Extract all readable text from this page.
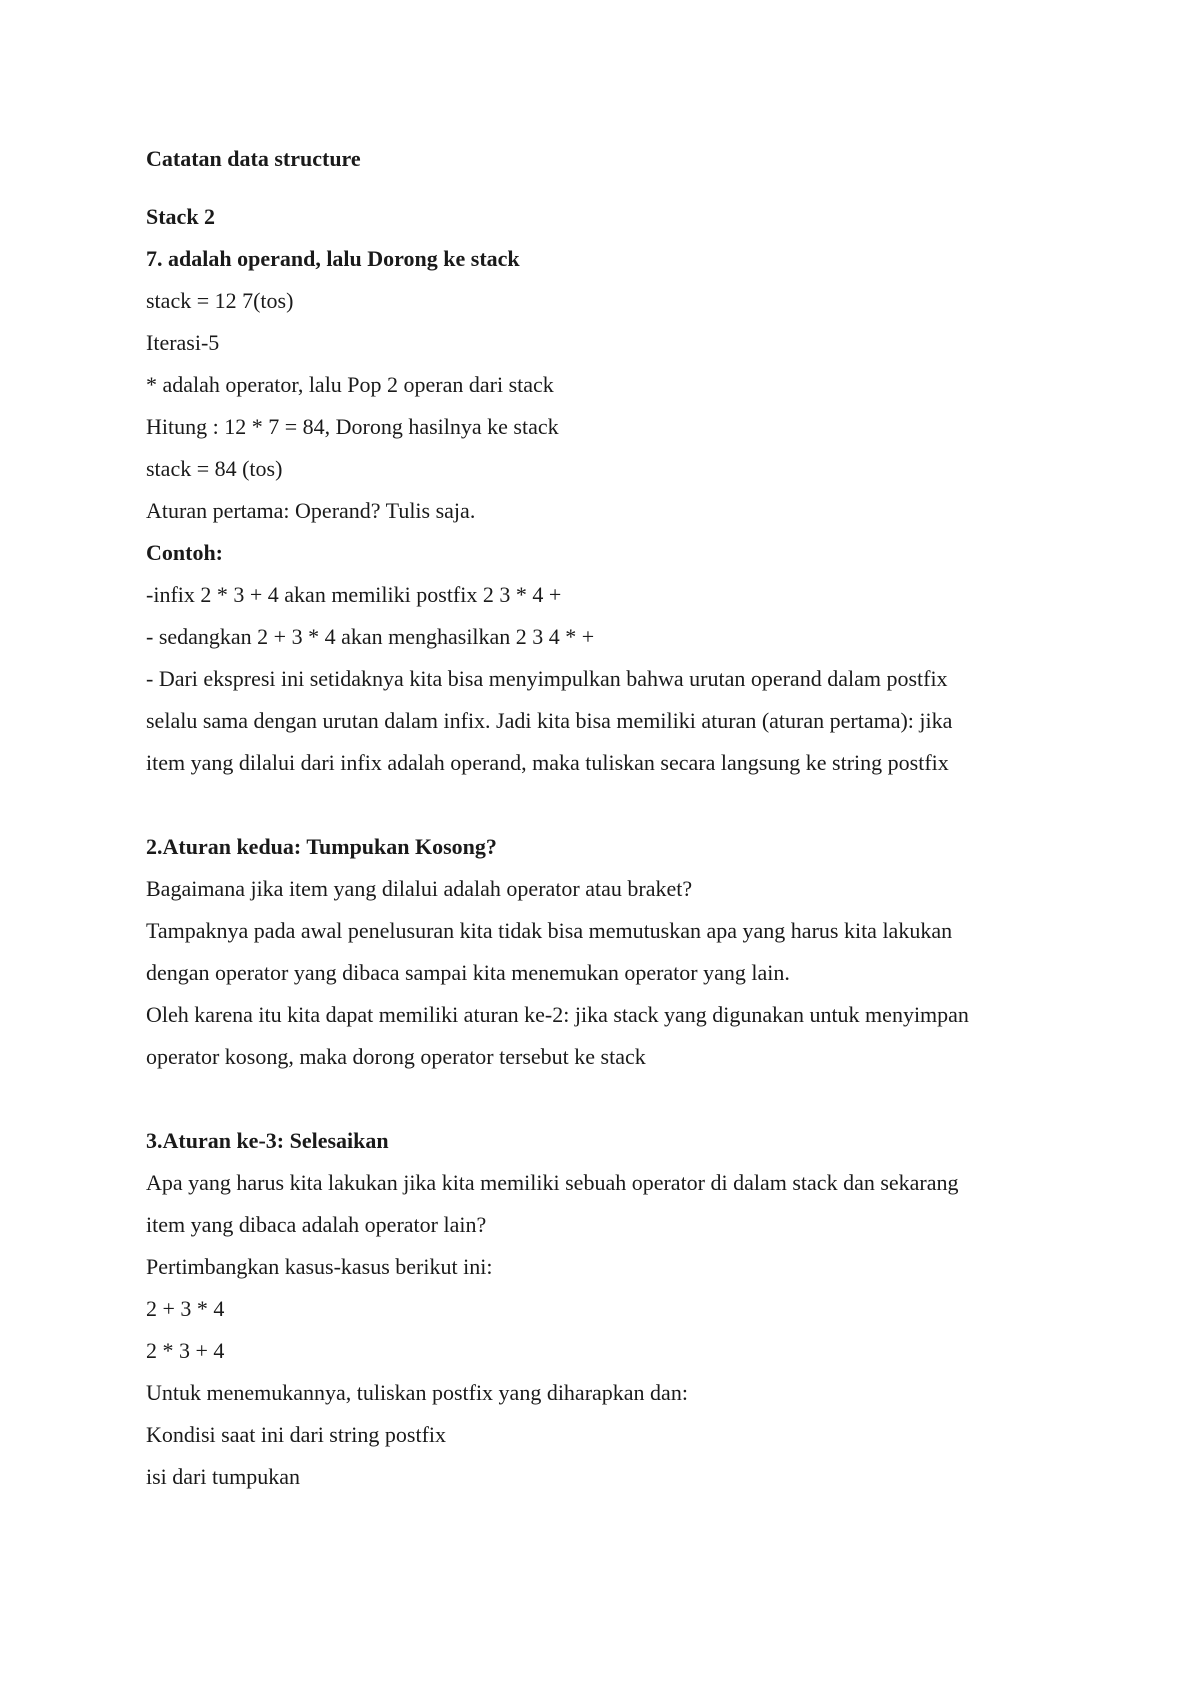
Catatan data structure
Stack 2
7. adalah operand, lalu Dorong ke stack
stack = 12 7(tos)
Iterasi-5
* adalah operator, lalu Pop 2 operan dari stack
Hitung : 12 * 7 = 84, Dorong hasilnya ke stack
stack = 84 (tos)
Aturan pertama: Operand? Tulis saja.
Contoh:
-infix 2 * 3 + 4 akan memiliki postfix 2 3 * 4 +
- sedangkan 2 + 3 * 4 akan menghasilkan 2 3 4 * +
- Dari ekspresi ini setidaknya kita bisa menyimpulkan bahwa urutan operand dalam postfix
selalu sama dengan urutan dalam infix. Jadi kita bisa memiliki aturan (aturan pertama): jika
item yang dilalui dari infix adalah operand, maka tuliskan secara langsung ke string postfix
2.Aturan kedua: Tumpukan Kosong?
Bagaimana jika item yang dilalui adalah operator atau braket?
Tampaknya pada awal penelusuran kita tidak bisa memutuskan apa yang harus kita lakukan
dengan operator yang dibaca sampai kita menemukan operator yang lain.
Oleh karena itu kita dapat memiliki aturan ke-2: jika stack yang digunakan untuk menyimpan
operator kosong, maka dorong operator tersebut ke stack
3.Aturan ke-3: Selesaikan
Apa yang harus kita lakukan jika kita memiliki sebuah operator di dalam stack dan sekarang
item yang dibaca adalah operator lain?
Pertimbangkan kasus-kasus berikut ini:
2 + 3 * 4
2 * 3 + 4
Untuk menemukannya, tuliskan postfix yang diharapkan dan:
Kondisi saat ini dari string postfix
isi dari tumpukan
